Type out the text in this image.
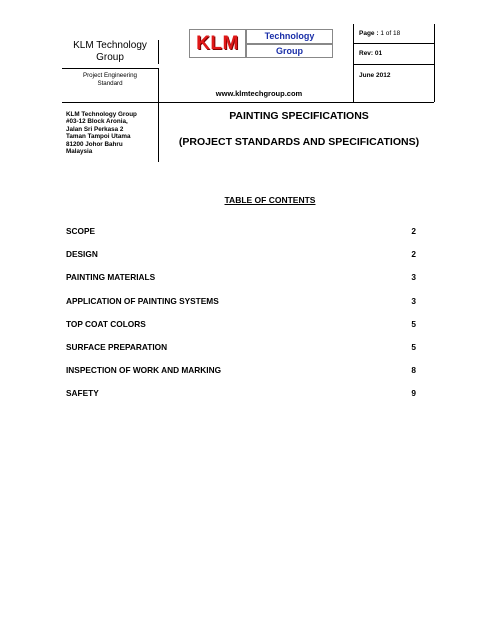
KLM Technology
Group
Project Engineering
Standard
KLM	Technology
Group
www.klmtechgroup.com
Page : 1 of 18
Rev: 01
June 2012
KLM Technology Group
#03-12 Block Aronia,
Jalan Sri Perkasa 2
Taman Tampoi Utama
81200 Johor Bahru
Malaysia
PAINTING SPECIFICATIONS
(PROJECT STANDARDS AND SPECIFICATIONS)
TABLE OF CONTENTS
SCOPE	2
DESIGN	2
PAINTING MATERIALS	3
APPLICATION OF PAINTING SYSTEMS	3
TOP COAT COLORS	5
SURFACE PREPARATION	5
INSPECTION OF WORK AND MARKING	8
SAFETY	9
